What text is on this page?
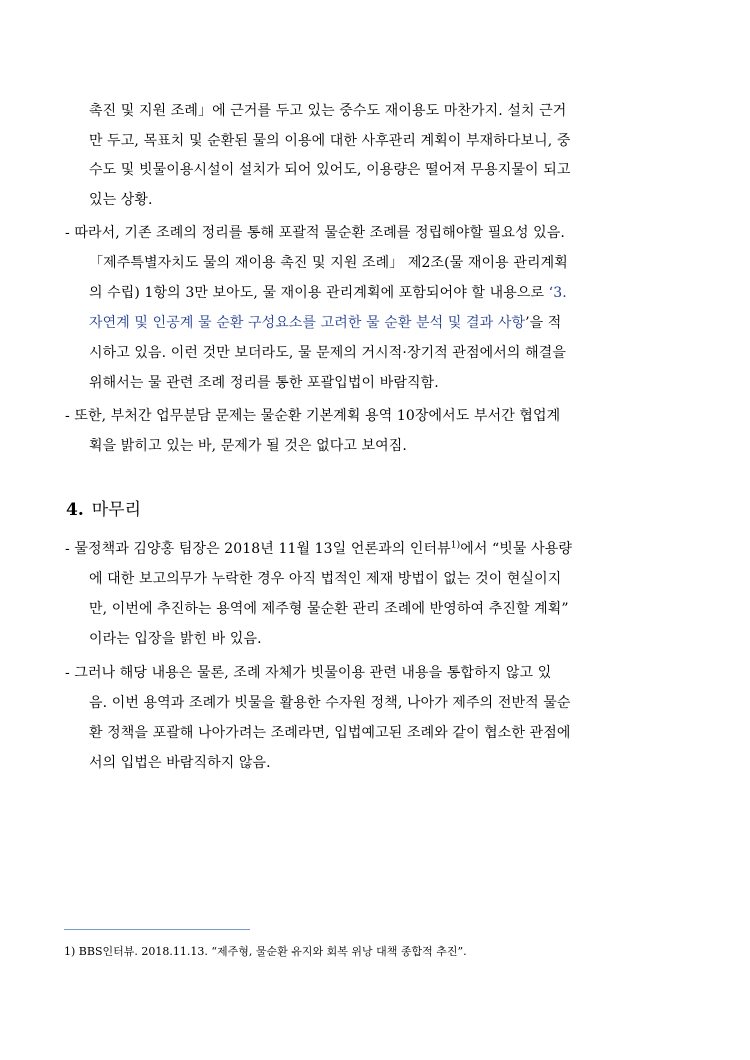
촉진 및 지원 조례」에 근거를 두고 있는 중수도 재이용도 마찬가지. 설치 근거
만 두고, 목표치 및 순환된 물의 이용에 대한 사후관리 계획이 부재하다보니, 중
수도 및 빗물이용시설이 설치가 되어 있어도, 이용량은 떨어져 무용지물이 되고
있는 상황.
- 따라서, 기존 조례의 정리를 통해 포괄적 물순환 조례를 정립해야할 필요성 있음.
「제주특별자치도 물의 재이용 촉진 및 지원 조례」 제2조(물 재이용 관리계획
의 수립) 1항의 3만 보아도, 물 재이용 관리계획에 포함되어야 할 내용으로 ‘3.
자연계 및 인공계 물 순환 구성요소를 고려한 물 순환 분석 및 결과 사항’을 적
시하고 있음. 이런 것만 보더라도, 물 문제의 거시적·장기적 관점에서의 해결을
위해서는 물 관련 조례 정리를 통한 포괄입법이 바람직함.
- 또한, 부처간 업무분담 문제는 물순환 기본계획 용역 10장에서도 부서간 협업계
획을 밝히고 있는 바, 문제가 될 것은 없다고 보여짐.
4. 마무리
- 물정책과 김양홍 팀장은 2018년 11월 13일 언론과의 인터뷰$^{1)}$에서 “빗물 사용량
에 대한 보고의무가 누락한 경우 아직 법적인 제재 방법이 없는 것이 현실이지
만, 이번에 추진하는 용역에 제주형 물순환 관리 조례에 반영하여 추진할 계획”
이라는 입장을 밝힌 바 있음.
- 그러나 해당 내용은 물론, 조례 자체가 빗물이용 관련 내용을 통합하지 않고 있
음. 이번 용역과 조례가 빗물을 활용한 수자원 정책, 나아가 제주의 전반적 물순
환 정책을 포괄해 나아가려는 조례라면, 입법예고된 조례와 같이 협소한 관점에
서의 입법은 바람직하지 않음.
1) BBS인터뷰. 2018.11.13. “제주형, 물순환 유지와 회복 위낭 대책 종합적 추진”.
